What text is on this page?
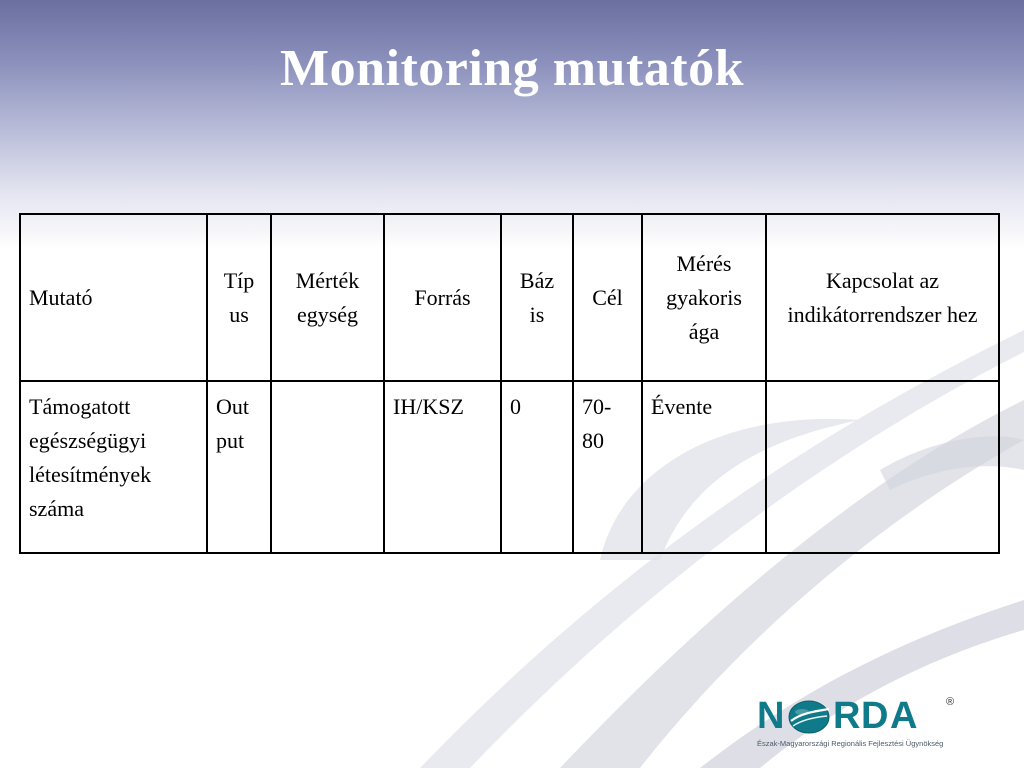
Monitoring mutatók
Mutató	Típ us	Mérték egység	Forrás	Báz is	Cél	Mérés gyakoris ága	Kapcsolat az indikátorrendszer hez
Támogatott egészségügyi létesítmények száma	Out put		IH/KSZ	0	70-80	Évente	
N R D A	®
Észak-Magyarországi Regionális Fejlesztési Ügynökség
